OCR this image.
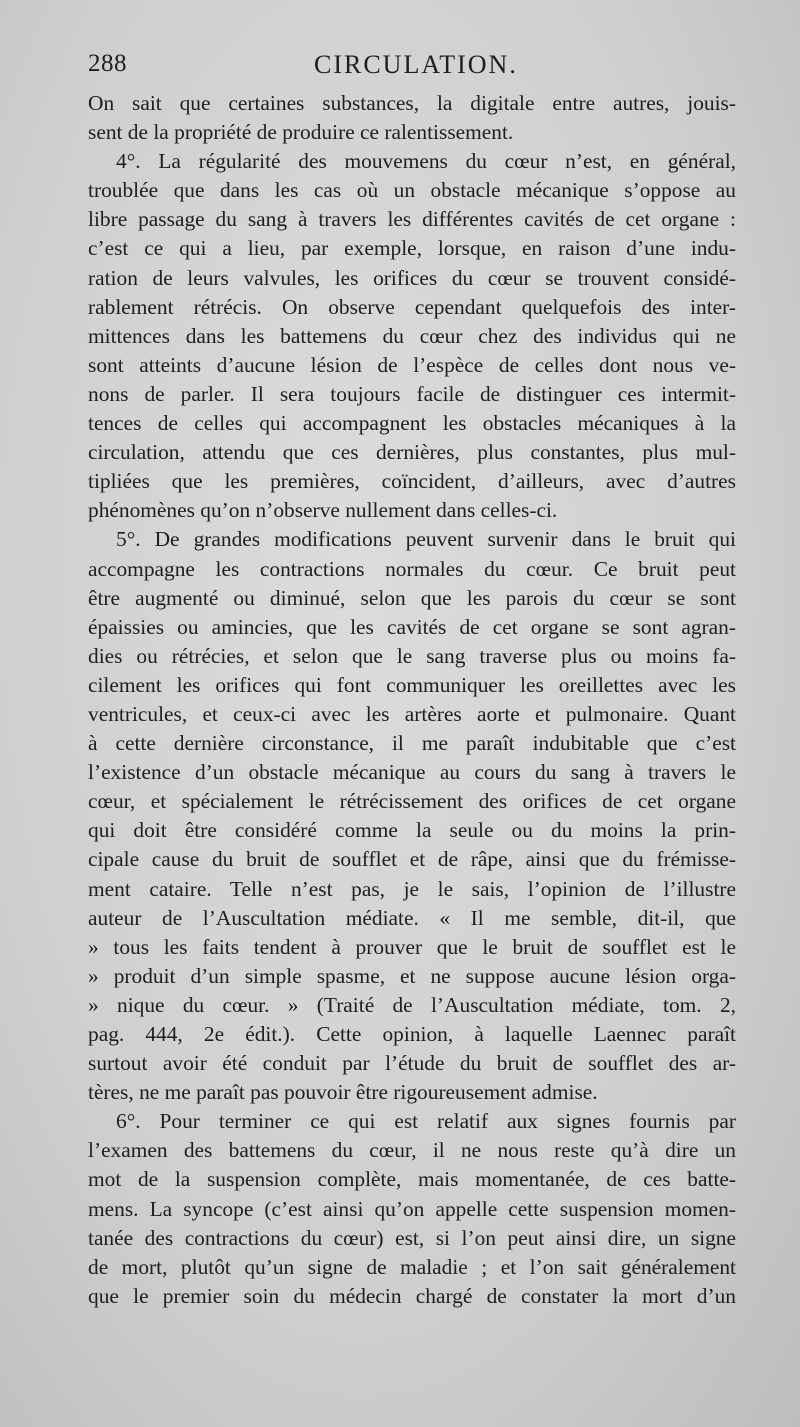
288	CIRCULATION.
On sait que certaines substances, la digitale entre autres, jouis-
sent de la propriété de produire ce ralentissement.
4°. La régularité des mouvemens du cœur n’est, en général,
troublée que dans les cas où un obstacle mécanique s’oppose au
libre passage du sang à travers les différentes cavités de cet organe :
c’est ce qui a lieu, par exemple, lorsque, en raison d’une indu-
ration de leurs valvules, les orifices du cœur se trouvent considé-
rablement rétrécis. On observe cependant quelquefois des inter-
mittences dans les battemens du cœur chez des individus qui ne
sont atteints d’aucune lésion de l’espèce de celles dont nous ve-
nons de parler. Il sera toujours facile de distinguer ces intermit-
tences de celles qui accompagnent les obstacles mécaniques à la
circulation, attendu que ces dernières, plus constantes, plus mul-
tipliées que les premières, coïncident, d’ailleurs, avec d’autres
phénomènes qu’on n’observe nullement dans celles-ci.
5°. De grandes modifications peuvent survenir dans le bruit qui
accompagne les contractions normales du cœur. Ce bruit peut
être augmenté ou diminué, selon que les parois du cœur se sont
épaissies ou amincies, que les cavités de cet organe se sont agran-
dies ou rétrécies, et selon que le sang traverse plus ou moins fa-
cilement les orifices qui font communiquer les oreillettes avec les
ventricules, et ceux-ci avec les artères aorte et pulmonaire. Quant
à cette dernière circonstance, il me paraît indubitable que c’est
l’existence d’un obstacle mécanique au cours du sang à travers le
cœur, et spécialement le rétrécissement des orifices de cet organe
qui doit être considéré comme la seule ou du moins la prin-
cipale cause du bruit de soufflet et de râpe, ainsi que du frémisse-
ment cataire. Telle n’est pas, je le sais, l’opinion de l’illustre
auteur de l’Auscultation médiate. « Il me semble, dit-il, que
» tous les faits tendent à prouver que le bruit de soufflet est le
» produit d’un simple spasme, et ne suppose aucune lésion orga-
» nique du cœur. » (Traité de l’Auscultation médiate, tom. 2,
pag. 444, 2e édit.). Cette opinion, à laquelle Laennec paraît
surtout avoir été conduit par l’étude du bruit de soufflet des ar-
tères, ne me paraît pas pouvoir être rigoureusement admise.
6°. Pour terminer ce qui est relatif aux signes fournis par
l’examen des battemens du cœur, il ne nous reste qu’à dire un
mot de la suspension complète, mais momentanée, de ces batte-
mens. La syncope (c’est ainsi qu’on appelle cette suspension momen-
tanée des contractions du cœur) est, si l’on peut ainsi dire, un signe
de mort, plutôt qu’un signe de maladie ; et l’on sait généralement
que le premier soin du médecin chargé de constater la mort d’un
